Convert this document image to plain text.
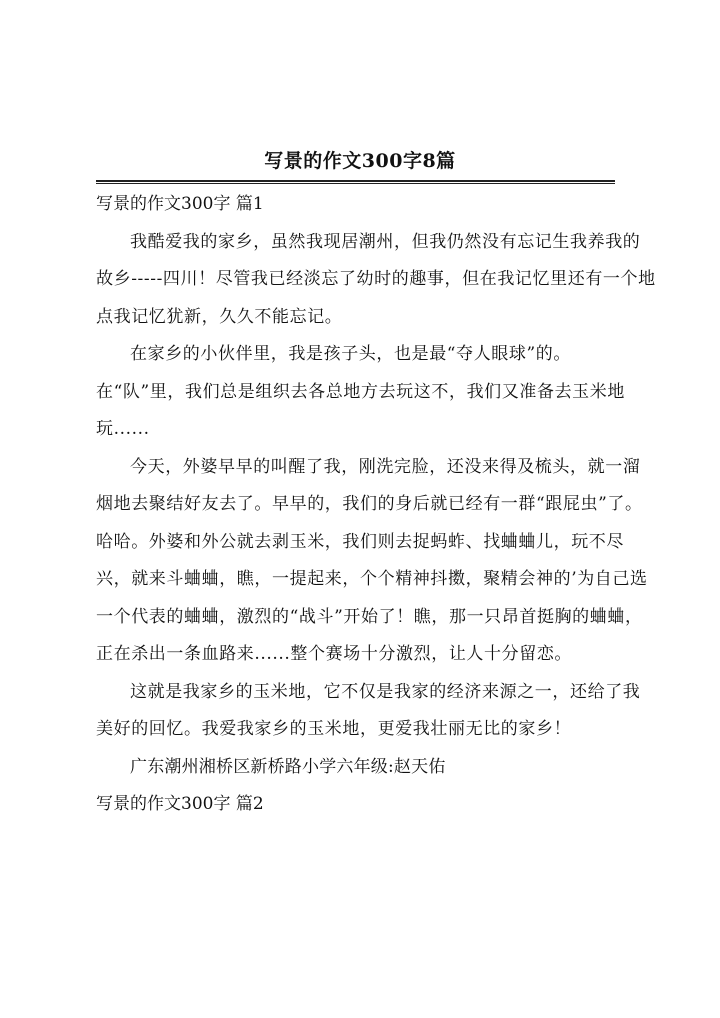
写景的作文300字8篇
写景的作文300字 篇1

我酷爱我的家乡，虽然我现居潮州，但我仍然没有忘记生我养我的故乡-----四川！尽管我已经淡忘了幼时的趣事，但在我记忆里还有一个地点我记忆犹新，久久不能忘记。

在家乡的小伙伴里，我是孩子头，也是最“夺人眼球”的。在“队”里，我们总是组织去各总地方去玩这不，我们又准备去玉米地玩......

今天，外婆早早的叫醒了我，刚洗完脸，还没来得及梳头，就一溜烟地去聚结好友去了。早早的，我们的身后就已经有一群“跟屁虫”了。哈哈。外婆和外公就去剥玉米，我们则去捉蚂蚱、找蛐蛐儿，玩不尽兴，就来斗蛐蛐，瞧，一提起来，个个精神抖擞，聚精会神的’为自己选一个代表的蛐蛐，激烈的“战斗”开始了！瞧，那一只昂首挺胸的蛐蛐，正在杀出一条血路来......整个赛场十分激烈，让人十分留恋。

这就是我家乡的玉米地，它不仅是我家的经济来源之一，还给了我美好的回忆。我爱我家乡的玉米地，更爱我壮丽无比的家乡！

广东潮州湘桥区新桥路小学六年级:赵天佑

写景的作文300字 篇2
